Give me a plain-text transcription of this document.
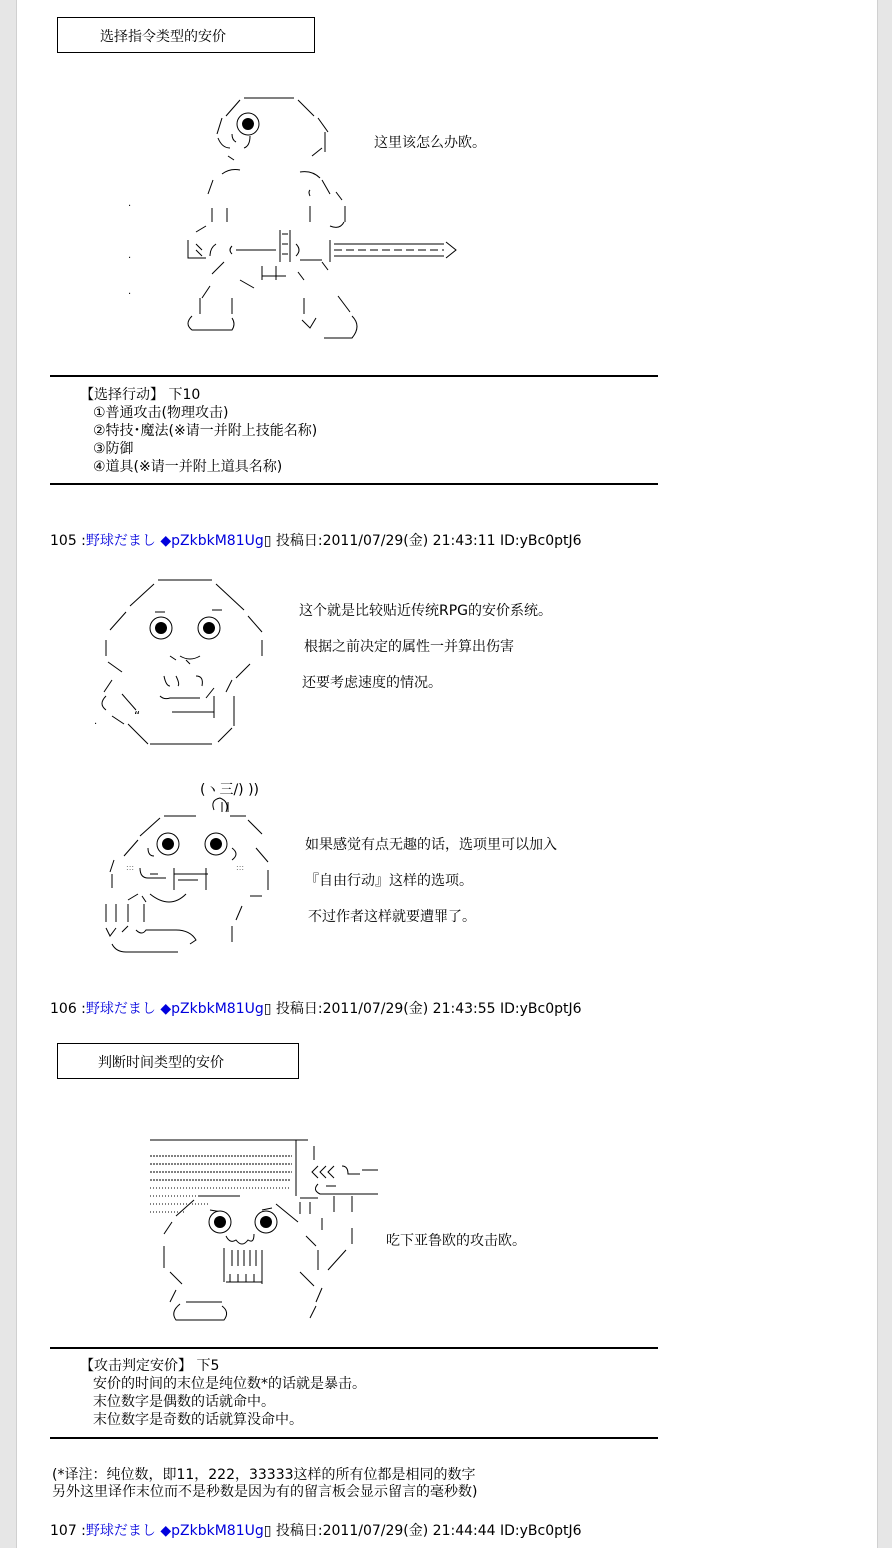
选择指令类型的安价
.
.
.
这里该怎么办欧。
【选择行动】 下10
①普通攻击(物理攻击)
②特技･魔法(※请一并附上技能名称)
③防御
④道具(※请一并附上道具名称)
105 :野球だまし ◆pZkbkM81Ug▯ 投稿日:2011/07/29(金) 21:43:11 ID:yBc0ptJ6
“
.
这个就是比较贴近传统RPG的安价系统。
根据之前决定的属性一并算出伤害
还要考虑速度的情况。
(ヽ三/) ))
:::	:::
如果感觉有点无趣的话，选项里可以加入
『自由行动』这样的选项。
不过作者这样就要遭罪了。
106 :野球だまし ◆pZkbkM81Ug▯ 投稿日:2011/07/29(金) 21:43:55 ID:yBc0ptJ6
判断时间类型的安价
吃下亚鲁欧的攻击欧。
【攻击判定安价】 下5
安价的时间的末位是纯位数*的话就是暴击。
末位数字是偶数的话就命中。
末位数字是奇数的话就算没命中。
(*译注：纯位数，即11，222，33333这样的所有位都是相同的数字
另外这里译作末位而不是秒数是因为有的留言板会显示留言的毫秒数)
107 :野球だまし ◆pZkbkM81Ug▯ 投稿日:2011/07/29(金) 21:44:44 ID:yBc0ptJ6
